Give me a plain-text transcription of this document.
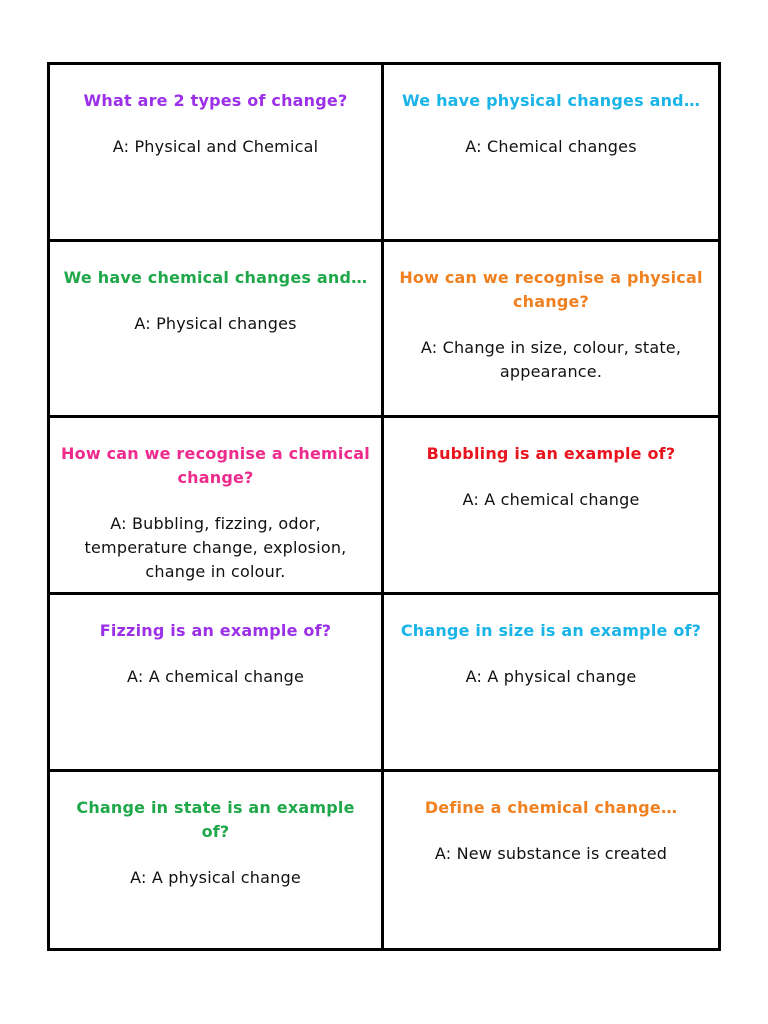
What are 2 types of change?
A: Physical and Chemical
We have physical changes and…
A: Chemical changes
We have chemical changes and…
A: Physical changes
How can we recognise a physical change?
A: Change in size, colour, state, appearance.
How can we recognise a chemical change?
A: Bubbling, fizzing, odor, temperature change, explosion, change in colour.
Bubbling is an example of?
A: A chemical change
Fizzing is an example of?
A: A chemical change
Change in size is an example of?
A: A physical change
Change in state is an example of?
A: A physical change
Define a chemical change…
A: New substance is created
